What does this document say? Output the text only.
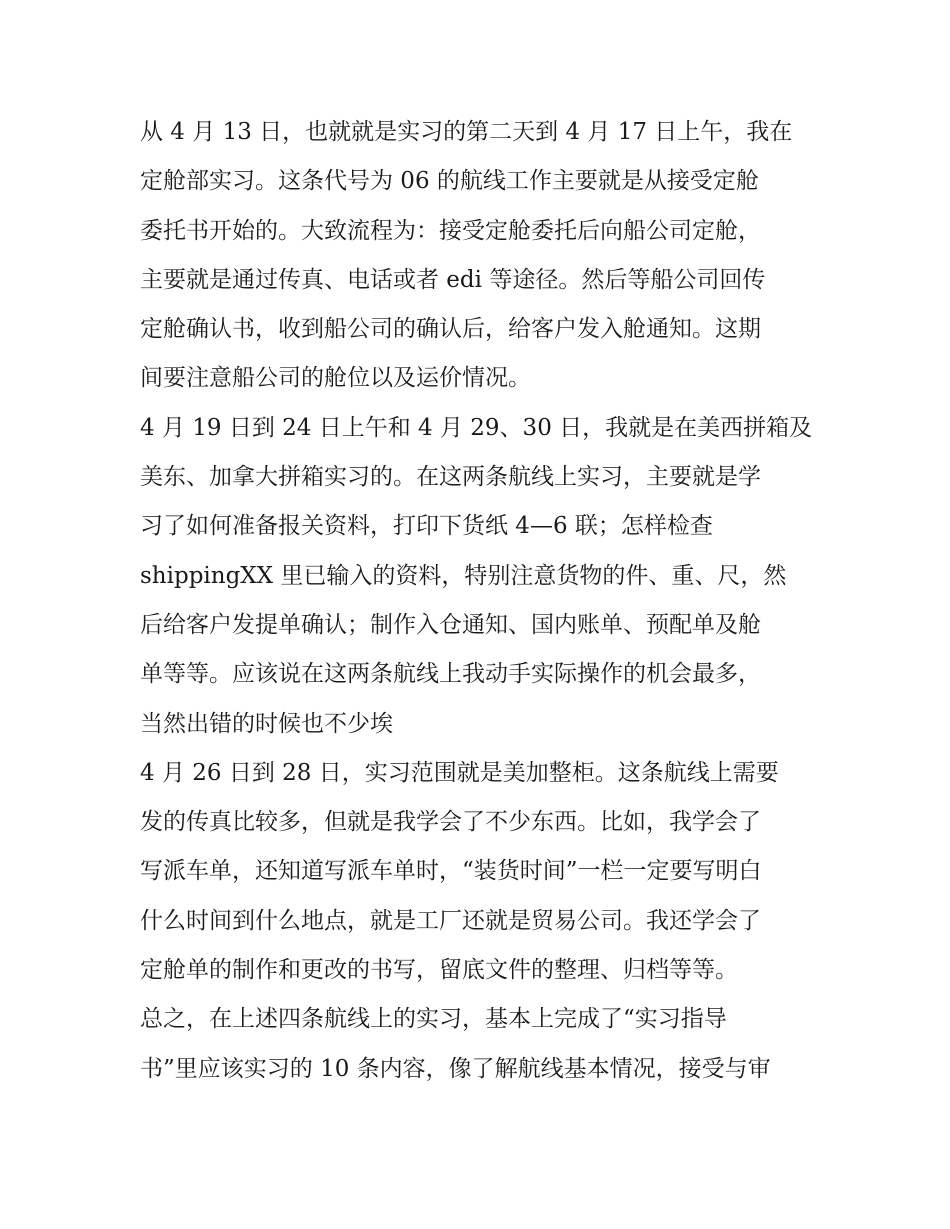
从 4 月 13 日，也就就是实习的第二天到 4 月 17 日上午，我在
定舱部实习。这条代号为 06 的航线工作主要就是从接受定舱
委托书开始的。大致流程为：接受定舱委托后向船公司定舱，
主要就是通过传真、电话或者 edi 等途径。然后等船公司回传
定舱确认书，收到船公司的确认后，给客户发入舱通知。这期
间要注意船公司的舱位以及运价情况。
4 月 19 日到 24 日上午和 4 月 29、30 日，我就是在美西拼箱及
美东、加拿大拼箱实习的。在这两条航线上实习，主要就是学
习了如何准备报关资料，打印下货纸 4—6 联；怎样检查
shippingXX 里已输入的资料，特别注意货物的件、重、尺，然
后给客户发提单确认；制作入仓通知、国内账单、预配单及舱
单等等。应该说在这两条航线上我动手实际操作的机会最多，
当然出错的时候也不少埃
4 月 26 日到 28 日，实习范围就是美加整柜。这条航线上需要
发的传真比较多，但就是我学会了不少东西。比如，我学会了
写派车单，还知道写派车单时，“装货时间”一栏一定要写明白
什么时间到什么地点，就是工厂还就是贸易公司。我还学会了
定舱单的制作和更改的书写，留底文件的整理、归档等等。
总之，在上述四条航线上的实习，基本上完成了“实习指导
书”里应该实习的 10 条内容，像了解航线基本情况，接受与审
